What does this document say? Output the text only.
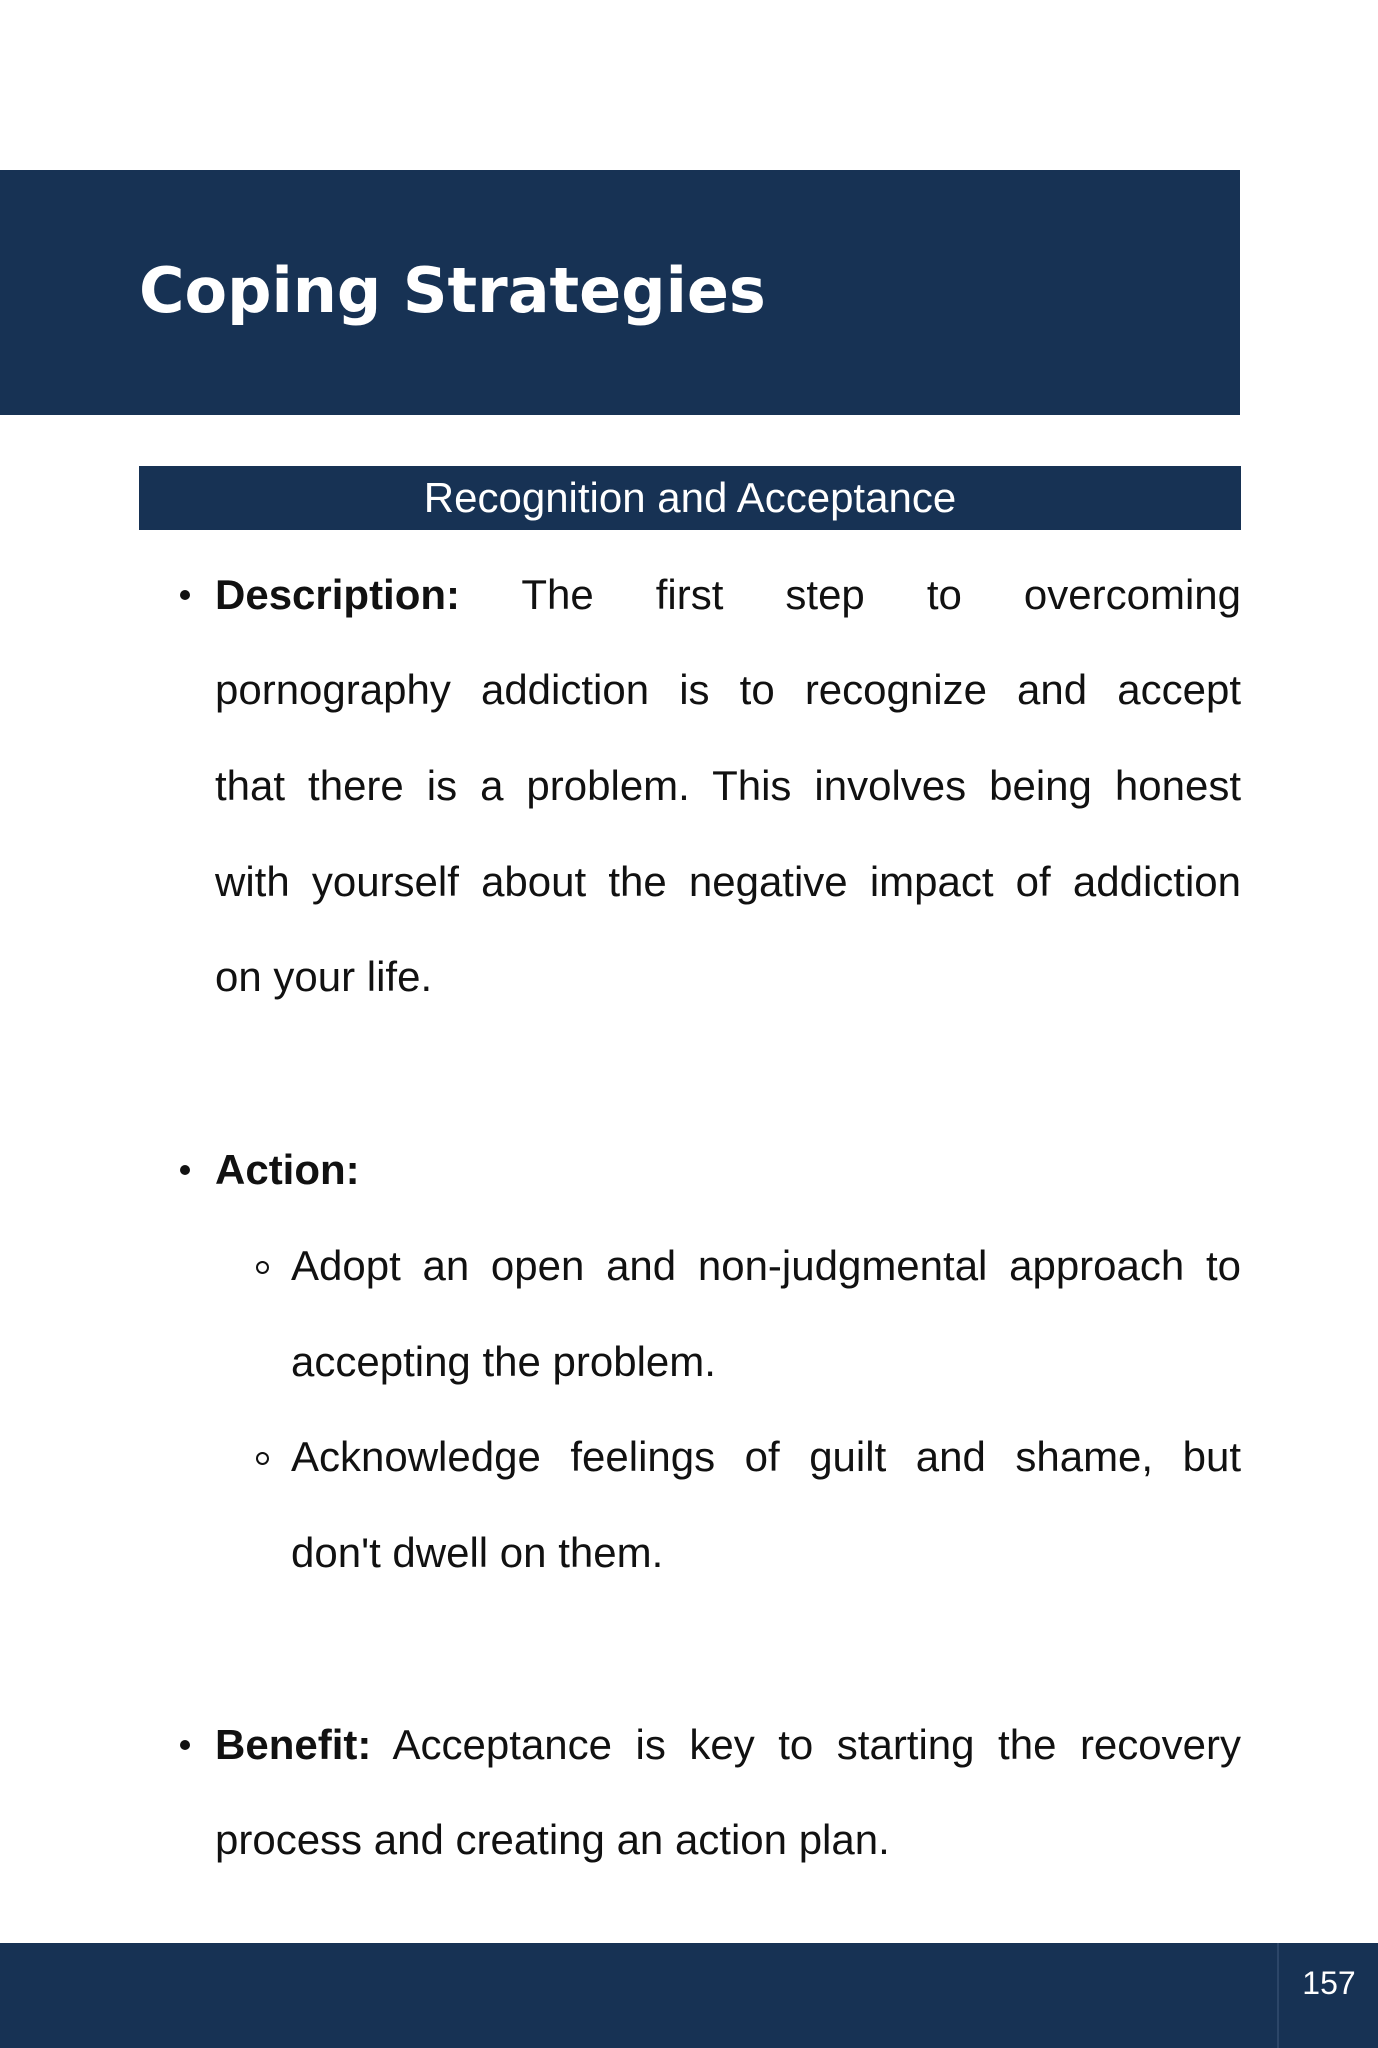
Coping Strategies
Recognition and Acceptance
Description: The first step to overcoming
pornography addiction is to recognize and accept
that there is a problem. This involves being honest
with yourself about the negative impact of addiction
on your life.
Action:
Adopt an open and non-judgmental approach to
accepting the problem.
Acknowledge feelings of guilt and shame, but
don't dwell on them.
Benefit: Acceptance is key to starting the recovery
process and creating an action plan.
157
